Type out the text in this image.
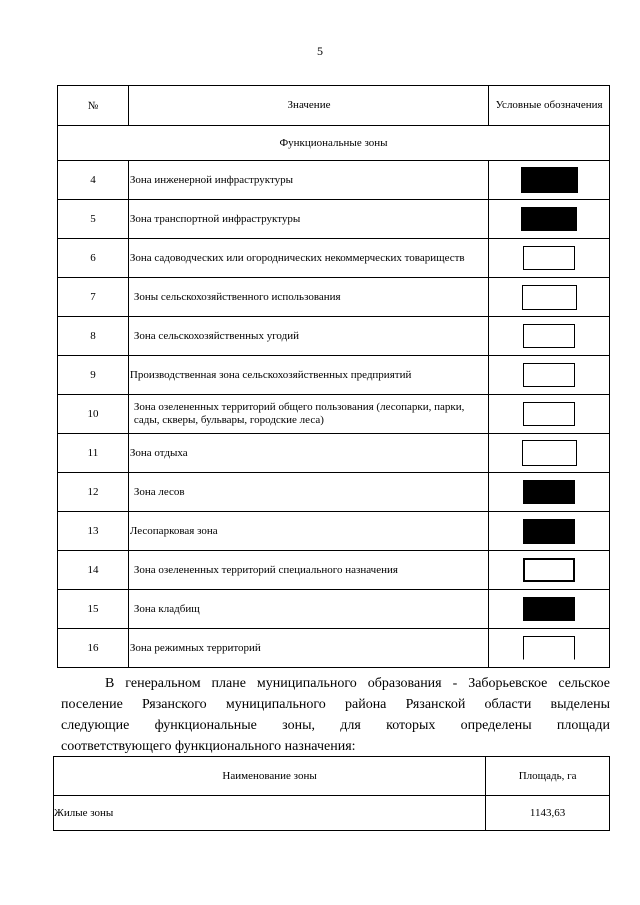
5
№	Значение	Условные обозначения
Функциональные зоны		
4	Зона инженерной инфраструктуры	
5	Зона транспортной инфраструктуры	
6	Зона садоводческих или огороднических некоммерческих товариществ	
7	Зоны сельскохозяйственного использования	
8	Зона сельскохозяйственных угодий	
9	Производственная зона сельскохозяйственных предприятий	
10	Зона озелененных территорий общего пользования (лесопарки, парки, сады, скверы, бульвары, городские леса)	
11	Зона отдыха	
12	Зона лесов	
13	Лесопарковая зона	
14	Зона озелененных территорий специального назначения	
15	Зона кладбищ	
16	Зона режимных территорий	
В генеральном плане муниципального образования - Заборьевское сельское
поселение Рязанского муниципального района Рязанской области выделены
следующие функциональные зоны, для которых определены площади
соответствующего функционального назначения:
Наименование зоны	Площадь, га
Жилые зоны	1143,63
